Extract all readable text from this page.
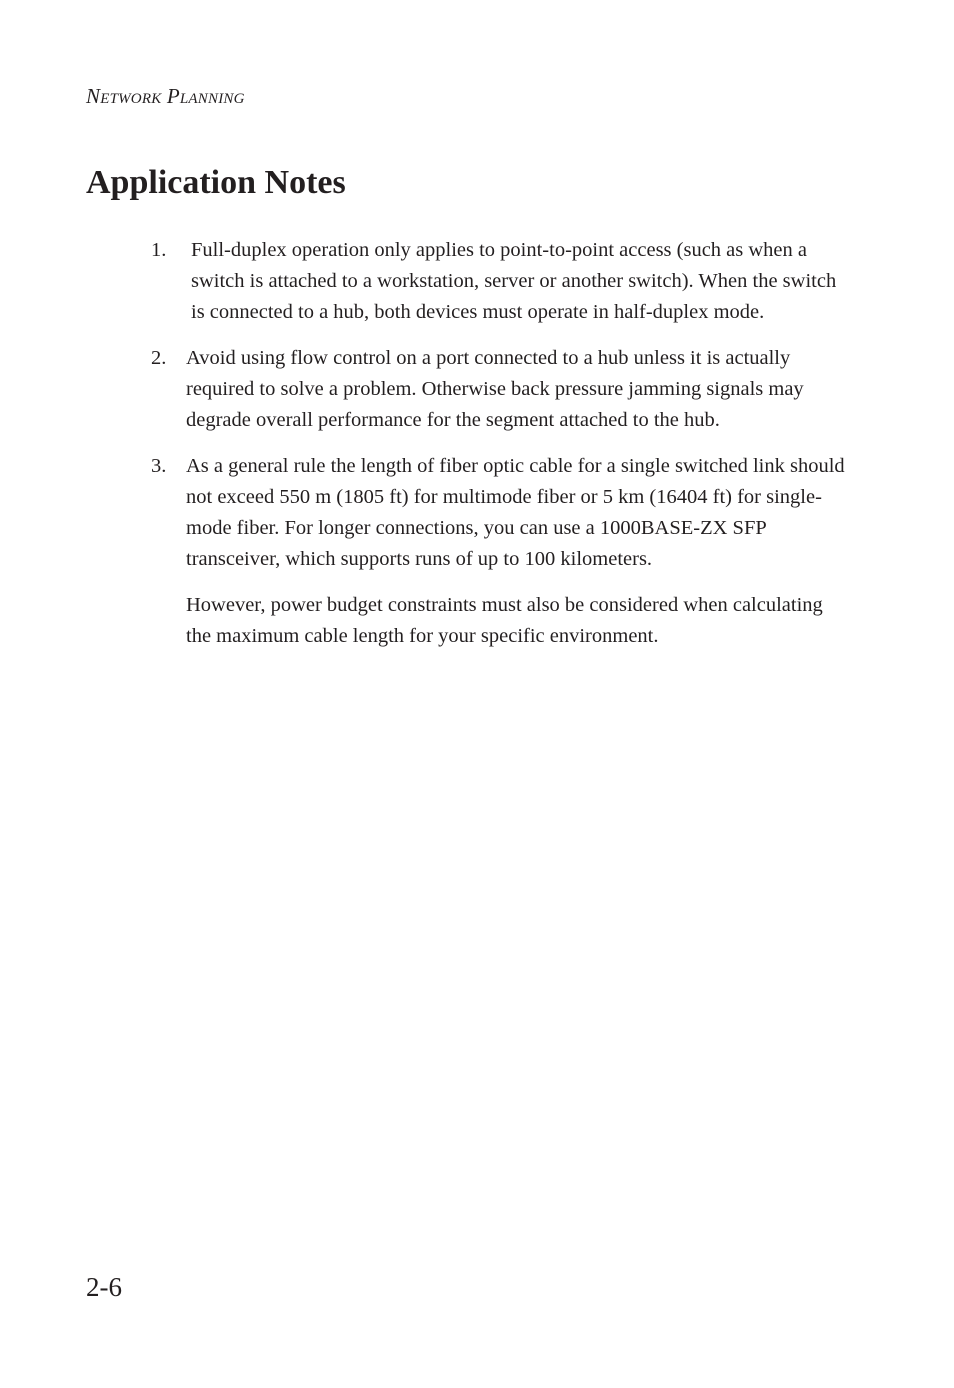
Network Planning
Application Notes
1. Full-duplex operation only applies to point-to-point access (such as when a switch is attached to a workstation, server or another switch). When the switch is connected to a hub, both devices must operate in half-duplex mode.

2. Avoid using flow control on a port connected to a hub unless it is actually required to solve a problem. Otherwise back pressure jamming signals may degrade overall performance for the segment attached to the hub.

3. As a general rule the length of fiber optic cable for a single switched link should not exceed 550 m (1805 ft) for multimode fiber or 5 km (16404 ft) for single-mode fiber. For longer connections, you can use a 1000BASE-ZX SFP transceiver, which supports runs of up to 100 kilometers.

However, power budget constraints must also be considered when calculating the maximum cable length for your specific environment.

2-6
